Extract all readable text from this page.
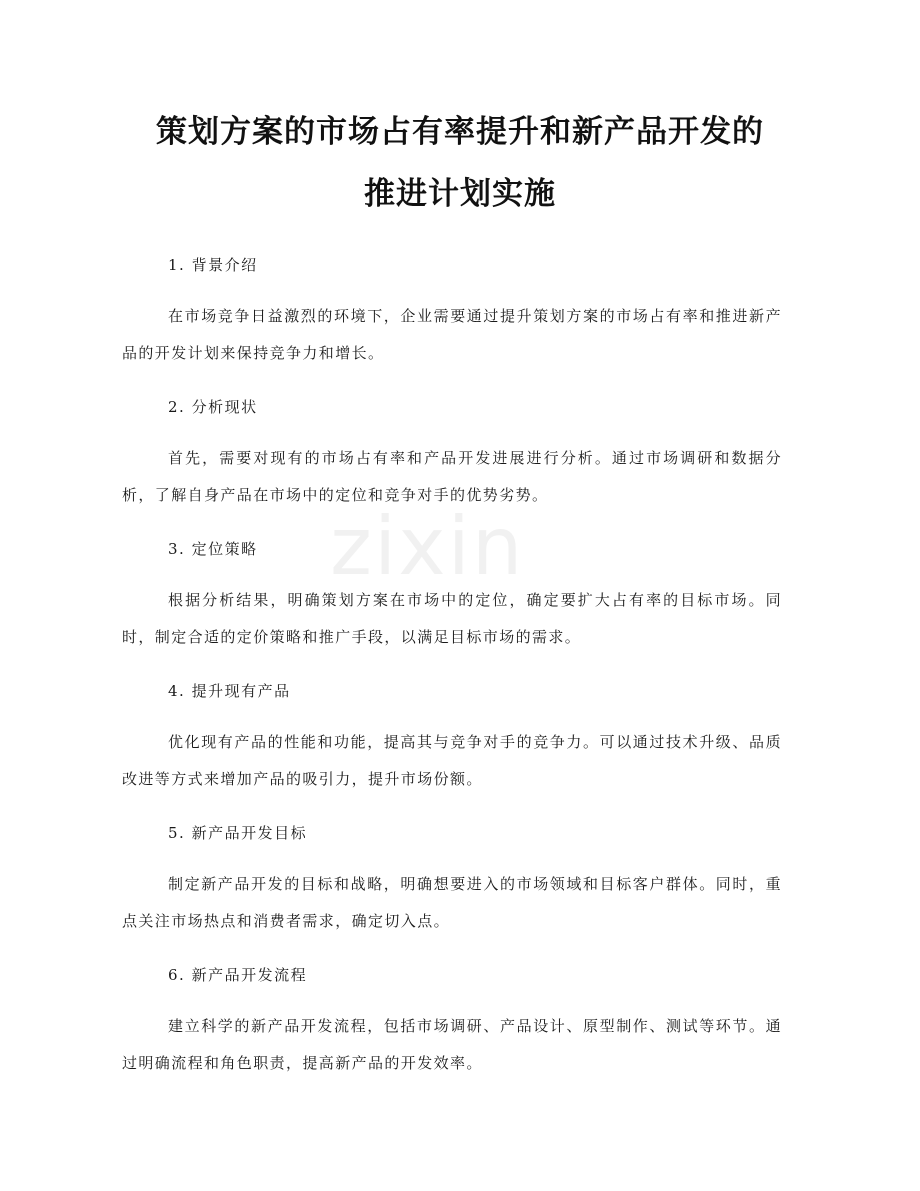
策划方案的市场占有率提升和新产品开发的
推进计划实施
zixin

1. 背景介绍

在市场竞争日益激烈的环境下，企业需要通过提升策划方案的市场占有率和推进新产品的开发计划来保持竞争力和增长。

2. 分析现状

首先，需要对现有的市场占有率和产品开发进展进行分析。通过市场调研和数据分析，了解自身产品在市场中的定位和竞争对手的优势劣势。

3. 定位策略

根据分析结果，明确策划方案在市场中的定位，确定要扩大占有率的目标市场。同时，制定合适的定价策略和推广手段，以满足目标市场的需求。

4. 提升现有产品

优化现有产品的性能和功能，提高其与竞争对手的竞争力。可以通过技术升级、品质改进等方式来增加产品的吸引力，提升市场份额。

5. 新产品开发目标

制定新产品开发的目标和战略，明确想要进入的市场领域和目标客户群体。同时，重点关注市场热点和消费者需求，确定切入点。

6. 新产品开发流程

建立科学的新产品开发流程，包括市场调研、产品设计、原型制作、测试等环节。通过明确流程和角色职责，提高新产品的开发效率。
